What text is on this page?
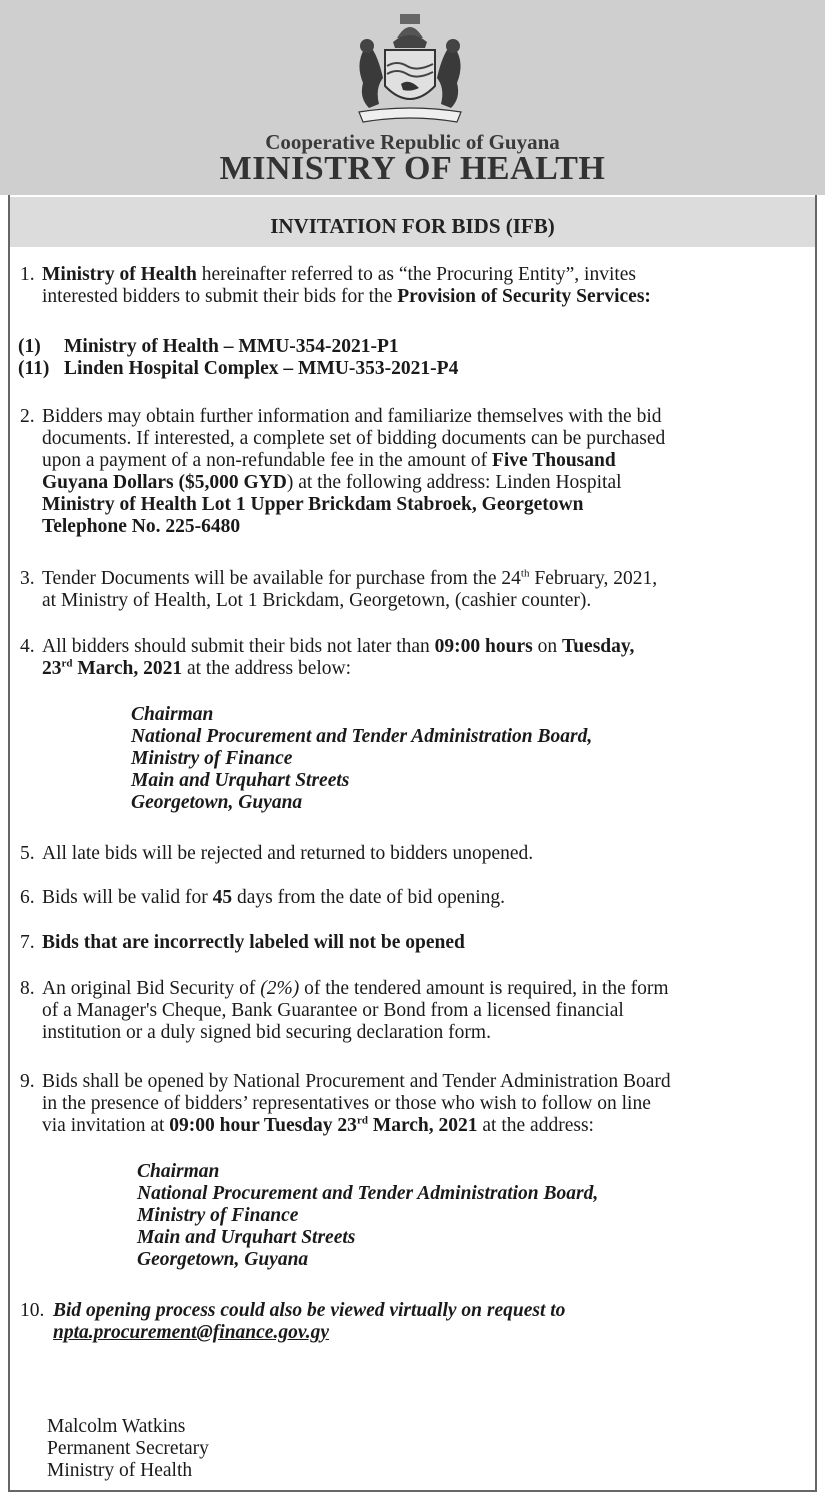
Cooperative Republic of Guyana
MINISTRY OF HEALTH
INVITATION FOR BIDS (IFB)
1. Ministry of Health hereinafter referred to as “the Procuring Entity”, invites
interested bidders to submit their bids for the Provision of Security Services:
(1) Ministry of Health – MMU-354-2021-P1
(11) Linden Hospital Complex – MMU-353-2021-P4
2. Bidders may obtain further information and familiarize themselves with the bid
documents. If interested, a complete set of bidding documents can be purchased
upon a payment of a non-refundable fee in the amount of Five Thousand
Guyana Dollars ($5,000 GYD) at the following address: Linden Hospital
Ministry of Health Lot 1 Upper Brickdam Stabroek, Georgetown
Telephone No. 225-6480
3. Tender Documents will be available for purchase from the 24th February, 2021,
at Ministry of Health, Lot 1 Brickdam, Georgetown, (cashier counter).
4. All bidders should submit their bids not later than 09:00 hours on Tuesday,
23rd March, 2021 at the address below:
Chairman
National Procurement and Tender Administration Board,
Ministry of Finance
Main and Urquhart Streets
Georgetown, Guyana
5. All late bids will be rejected and returned to bidders unopened.
6. Bids will be valid for 45 days from the date of bid opening.
7. Bids that are incorrectly labeled will not be opened
8. An original Bid Security of (2%) of the tendered amount is required, in the form
of a Manager's Cheque, Bank Guarantee or Bond from a licensed financial
institution or a duly signed bid securing declaration form.
9. Bids shall be opened by National Procurement and Tender Administration Board
in the presence of bidders’ representatives or those who wish to follow on line
via invitation at 09:00 hour Tuesday 23rd March, 2021 at the address:
Chairman
National Procurement and Tender Administration Board,
Ministry of Finance
Main and Urquhart Streets
Georgetown, Guyana
10. Bid opening process could also be viewed virtually on request to
npta.procurement@finance.gov.gy
Malcolm Watkins
Permanent Secretary
Ministry of Health
